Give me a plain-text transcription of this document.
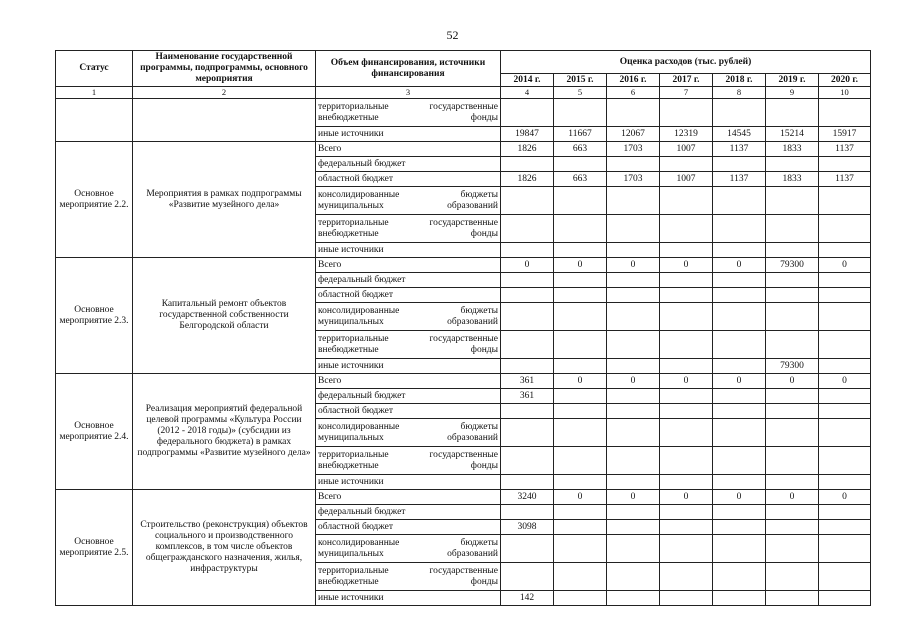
52
Статус	Наименование государственной программы, подпрограммы, основного мероприятия	Объем финансирования, источники финансирования	Оценка расходов (тыс. рублей)						
			2014 г.	2015 г.	2016 г.	2017 г.	2018 г.	2019 г.	2020 г.
1	2	3	4	5	6	7	8	9	10
		территориальные государственные внебюджетные фонды							
		иные источники	19847	11667	12067	12319	14545	15214	15917
Основное мероприятие 2.2.	Мероприятия в рамках подпрограммы «Развитие музейного дела»	Всего	1826	663	1703	1007	1137	1833	1137
		федеральный бюджет							
		областной бюджет	1826	663	1703	1007	1137	1833	1137
		консолидированные бюджеты муниципальных образований							
		территориальные государственные внебюджетные фонды							
		иные источники							
Основное мероприятие 2.3.	Капитальный ремонт объектов государственной собственности Белгородской области	Всего	0	0	0	0	0	79300	0
		федеральный бюджет							
		областной бюджет							
		консолидированные бюджеты муниципальных образований							
		территориальные государственные внебюджетные фонды							
		иные источники						79300	
Основное мероприятие 2.4.	Реализация мероприятий федеральной целевой программы «Культура России (2012 - 2018 годы)» (субсидии из федерального бюджета) в рамках подпрограммы «Развитие музейного дела»	Всего	361	0	0	0	0	0	0
		федеральный бюджет	361						
		областной бюджет							
		консолидированные бюджеты муниципальных образований							
		территориальные государственные внебюджетные фонды							
		иные источники							
Основное мероприятие 2.5.	Строительство (реконструкция) объектов социального и производственного комплексов, в том числе объектов общегражданского назначения, жилья, инфраструктуры	Всего	3240	0	0	0	0	0	0
		федеральный бюджет							
		областной бюджет	3098						
		консолидированные бюджеты муниципальных образований							
		территориальные государственные внебюджетные фонды							
		иные источники	142						
